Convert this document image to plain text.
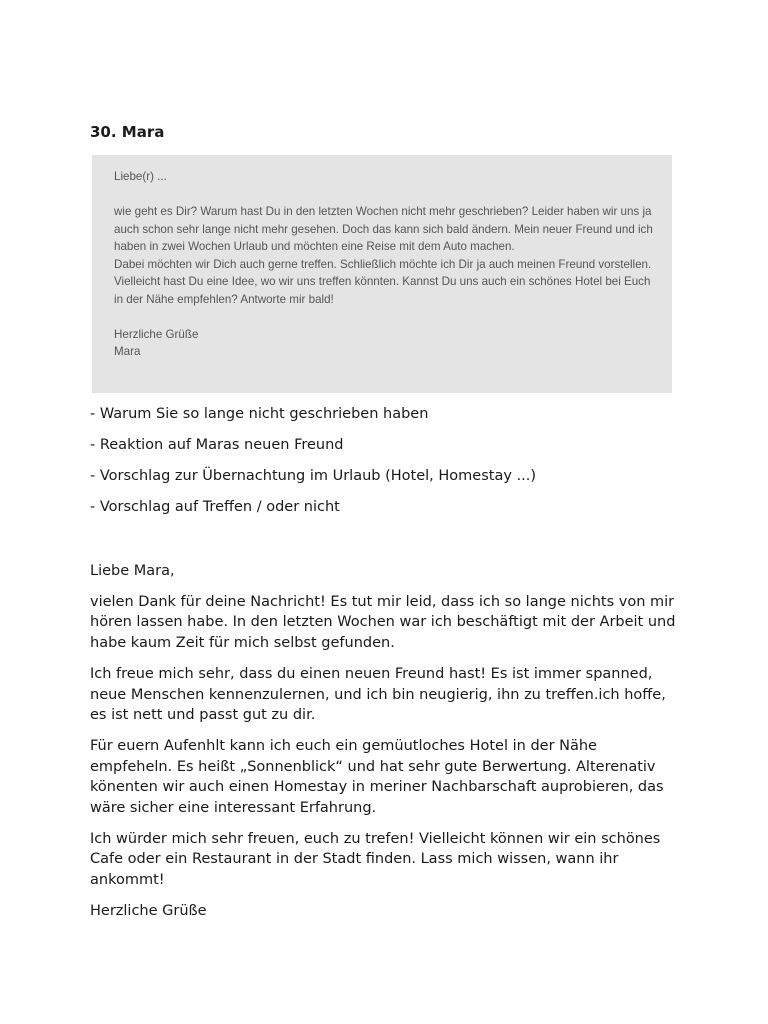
30. Mara

Liebe(r) ...

wie geht es Dir? Warum hast Du in den letzten Wochen nicht mehr geschrieben? Leider haben wir uns ja auch schon sehr lange nicht mehr gesehen. Doch das kann sich bald ändern. Mein neuer Freund und ich haben in zwei Wochen Urlaub und möchten eine Reise mit dem Auto machen.

Dabei möchten wir Dich auch gerne treffen. Schließlich möchte ich Dir ja auch meinen Freund vorstellen. Vielleicht hast Du eine Idee, wo wir uns treffen könnten. Kannst Du uns auch ein schönes Hotel bei Euch in der Nähe empfehlen? Antworte mir bald!

Herzliche Grüße

Mara

- Warum Sie so lange nicht geschrieben haben
- Reaktion auf Maras neuen Freund
- Vorschlag zur Übernachtung im Urlaub (Hotel, Homestay ...)
- Vorschlag auf Treffen / oder nicht

Liebe Mara,

vielen Dank für deine Nachricht! Es tut mir leid, dass ich so lange nichts von mir hören lassen habe. In den letzten Wochen war ich beschäftigt mit der Arbeit und habe kaum Zeit für mich selbst gefunden.

Ich freue mich sehr, dass du einen neuen Freund hast! Es ist immer spanned, neue Menschen kennenzulernen, und ich bin neugierig, ihn zu treffen.ich hoffe, es ist nett und passt gut zu dir.

Für euern Aufenhlt kann ich euch ein gemüutloches Hotel in der Nähe empfeheln. Es heißt „Sonnenblick“ und hat sehr gute Berwertung. Alterenativ könenten wir auch einen Homestay in meriner Nachbarschaft auprobieren, das wäre sicher eine interessant Erfahrung.

Ich würder mich sehr freuen, euch zu trefen! Vielleicht können wir ein schönes Cafe oder ein Restaurant in der Stadt finden. Lass mich wissen, wann ihr ankommt!

Herzliche Grüße
